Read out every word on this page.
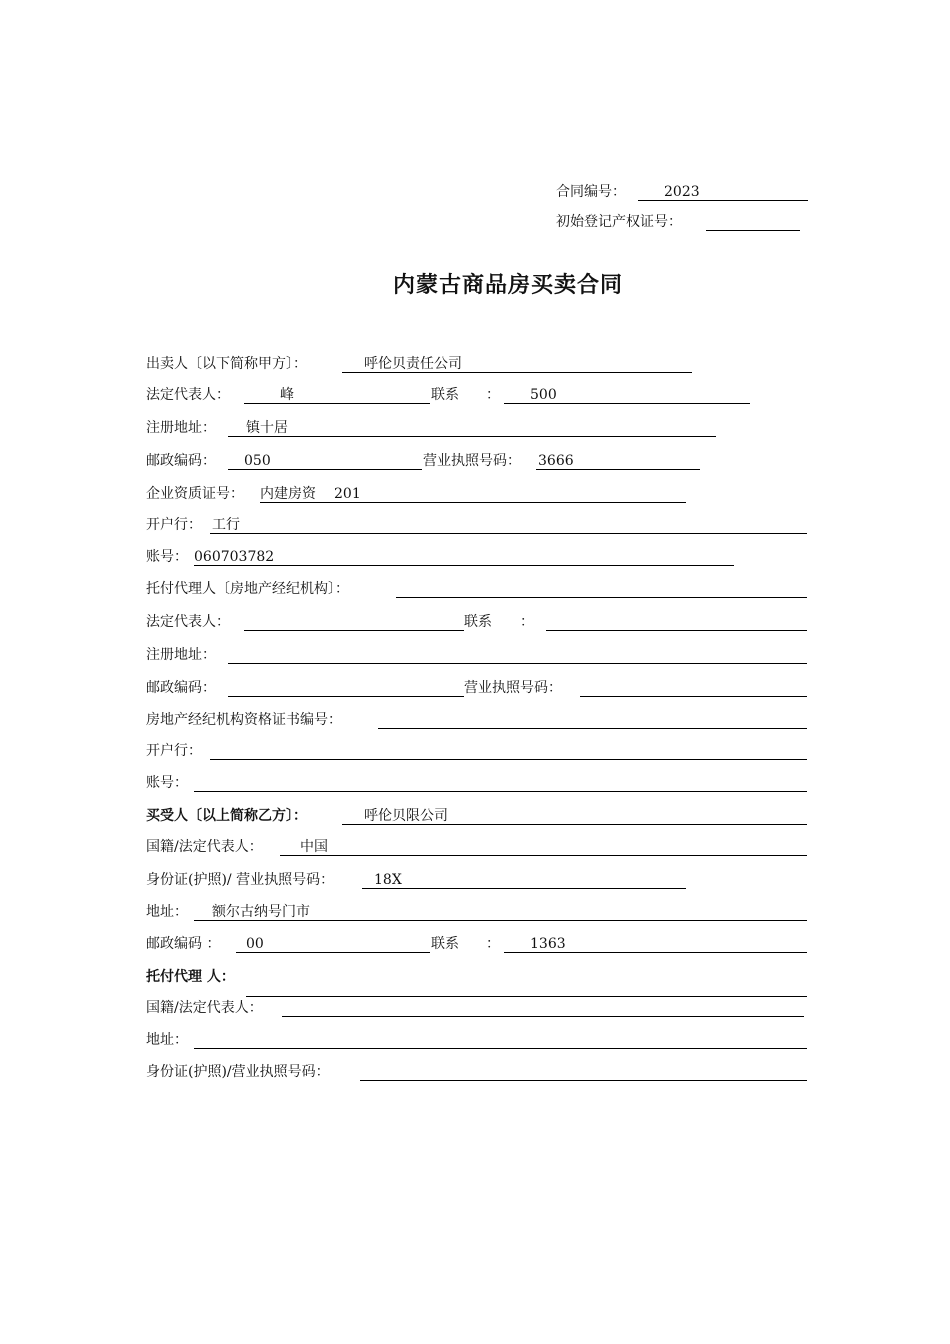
合同编号：	2023
初始登记产权证号：
内蒙古商品房买卖合同
出卖人〔以下简称甲方〕：	呼伦贝责任公司
法定代表人：	峰	联系 ： 500
注册地址： 镇十居
邮政编码： 050	营业执照号码： 3666
企业资质证号： 内建房资 201
开户行： 工行
账号： 060703782
托付代理人〔房地产经纪机构〕：
法定代表人：	联系 ：
注册地址：
邮政编码：	营业执照号码：
房地产经纪机构资格证书编号：
开户行：
账号：
买受人〔以上简称乙方〕：	呼伦贝限公司
国籍/法定代表人：	中国
身份证(护照)/ 营业执照号码：	18X
地址： 额尔古纳号门市
邮政编码 ： 00	联系 ： 1363
托付代理 人：
国籍/法定代表人：
地址：
身份证(护照)/营业执照号码：
